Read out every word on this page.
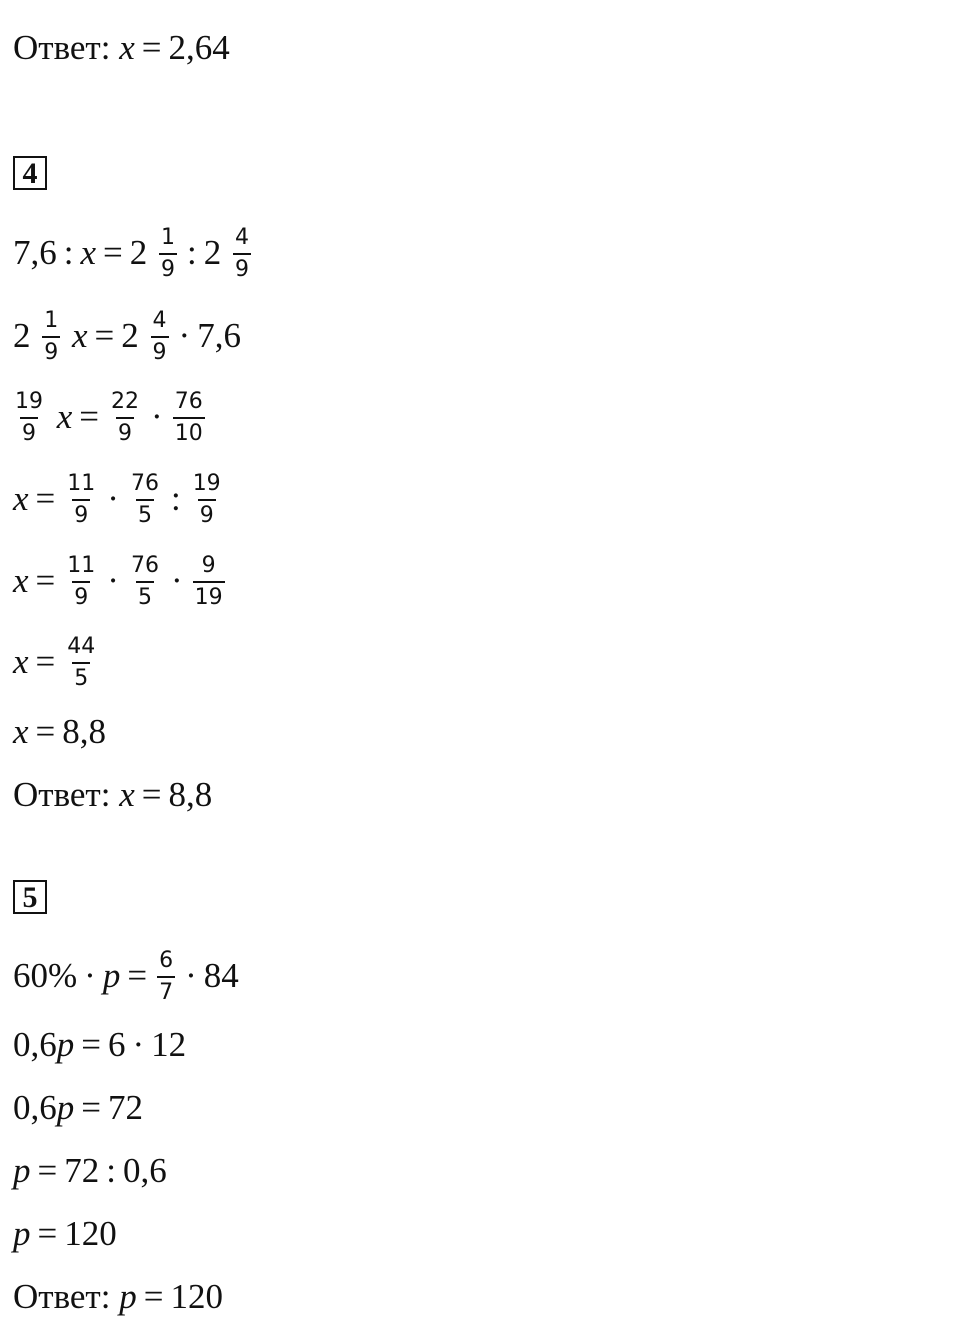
Ответ: x = 2,64
4
7,6 : $x = 2 \frac{1}{9}$ : $2 \frac{4}{9}$
$2 \frac{1}{9}$ $x = 2 \frac{4}{9} \cdot 7,6$
$\frac{19}{9}$ $x = \frac{22}{9} \cdot \frac{76}{10}$
$x = \frac{11}{9} \cdot \frac{76}{5}$ : $\frac{19}{9}$
$x = \frac{11}{9} \cdot \frac{76}{5} \cdot \frac{9}{19}$
$x = \frac{44}{5}$
x = 8,8
Ответ: x = 8,8
5
$60\% \cdot p = \frac{6}{7} \cdot 84$
0,6p = 6 · 12
0,6p = 72
p = 72 : 0,6
p = 120
Ответ: p = 120
